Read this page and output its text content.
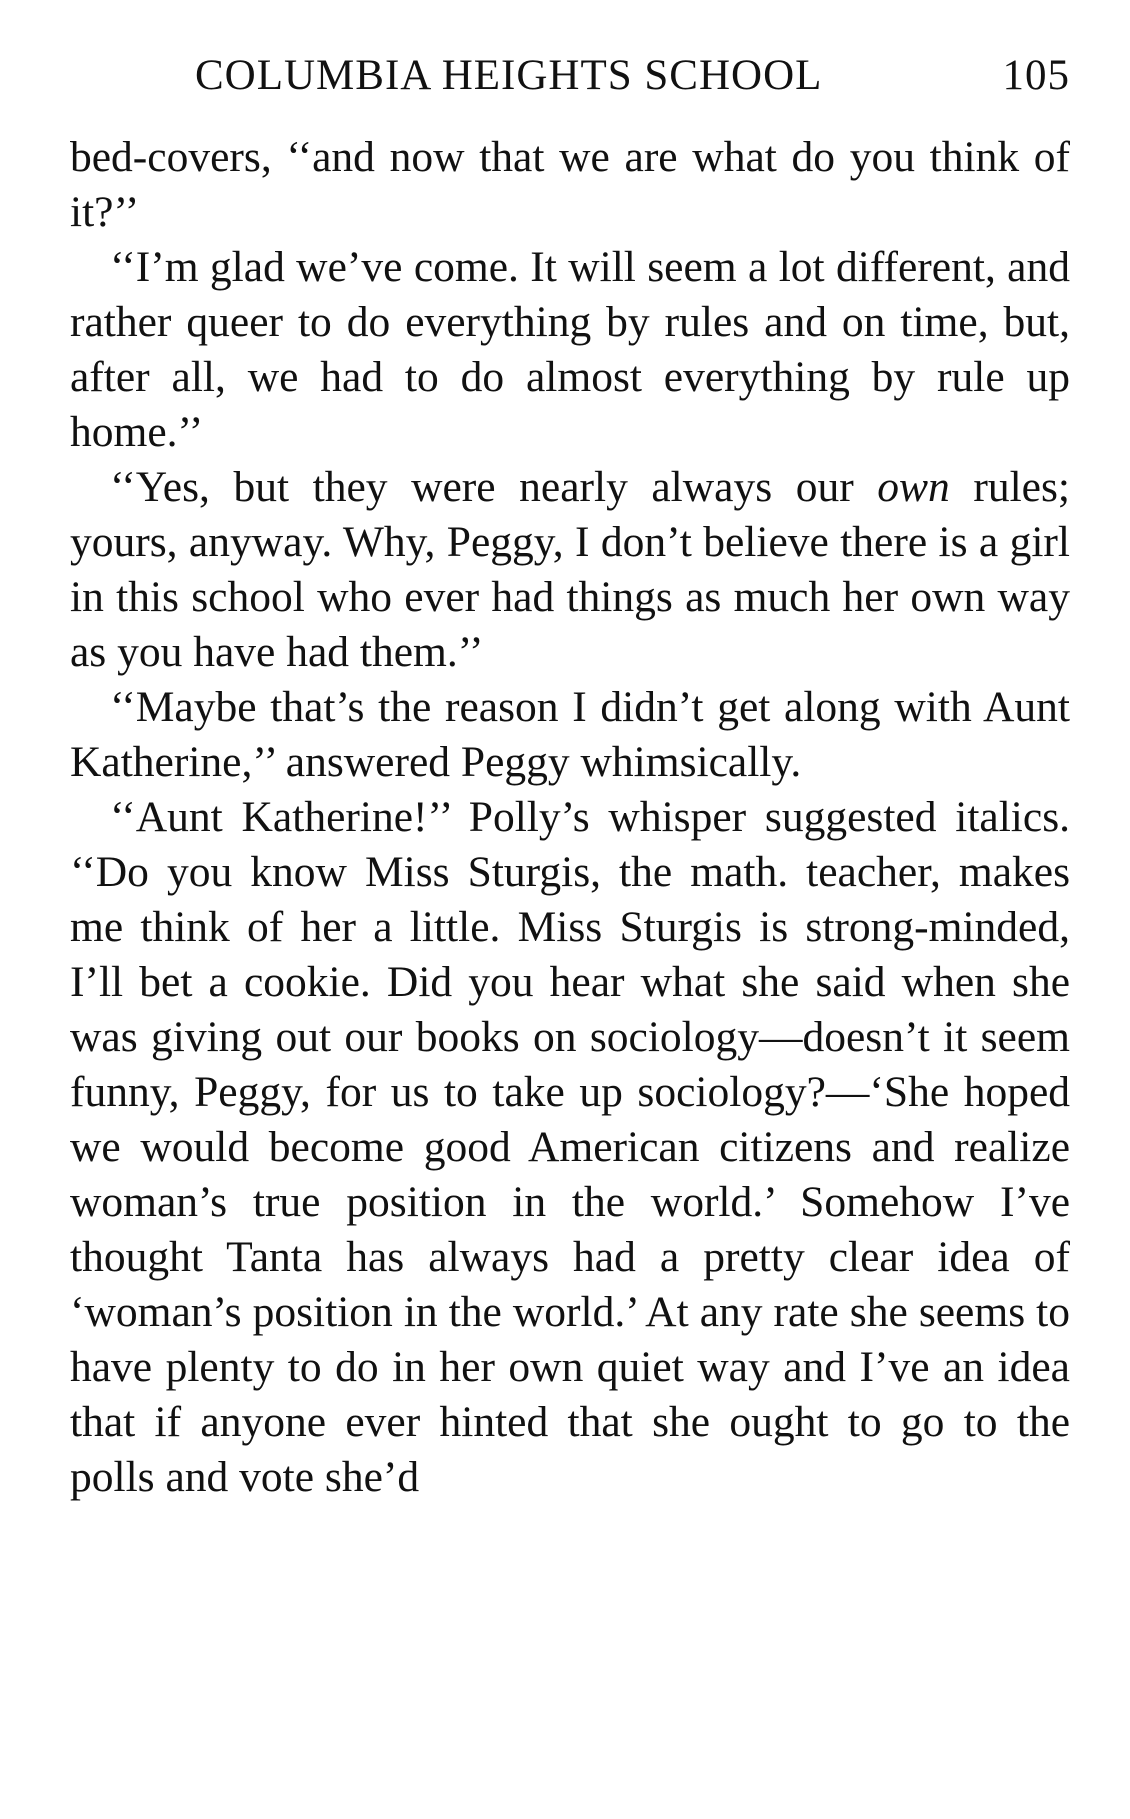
COLUMBIA HEIGHTS SCHOOL	105

bed-covers, ‘‘and now that we are what do you think of it?’’

‘‘I’m glad we’ve come. It will seem a lot different, and rather queer to do everything by rules and on time, but, after all, we had to do almost everything by rule up home.’’

‘‘Yes, but they were nearly always our own rules; yours, anyway. Why, Peggy, I don’t believe there is a girl in this school who ever had things as much her own way as you have had them.’’

‘‘Maybe that’s the reason I didn’t get along with Aunt Katherine,’’ answered Peggy whimsically.

‘‘Aunt Katherine!’’ Polly’s whisper suggested italics. ‘‘Do you know Miss Sturgis, the math. teacher, makes me think of her a little. Miss Sturgis is strong-minded, I’ll bet a cookie. Did you hear what she said when she was giving out our books on sociology—doesn’t it seem funny, Peggy, for us to take up sociology?—‘She hoped we would become good American citizens and realize woman’s true position in the world.’ Somehow I’ve thought Tanta has always had a pretty clear idea of ‘woman’s position in the world.’ At any rate she seems to have plenty to do in her own quiet way and I’ve an idea that if anyone ever hinted that she ought to go to the polls and vote she’d
